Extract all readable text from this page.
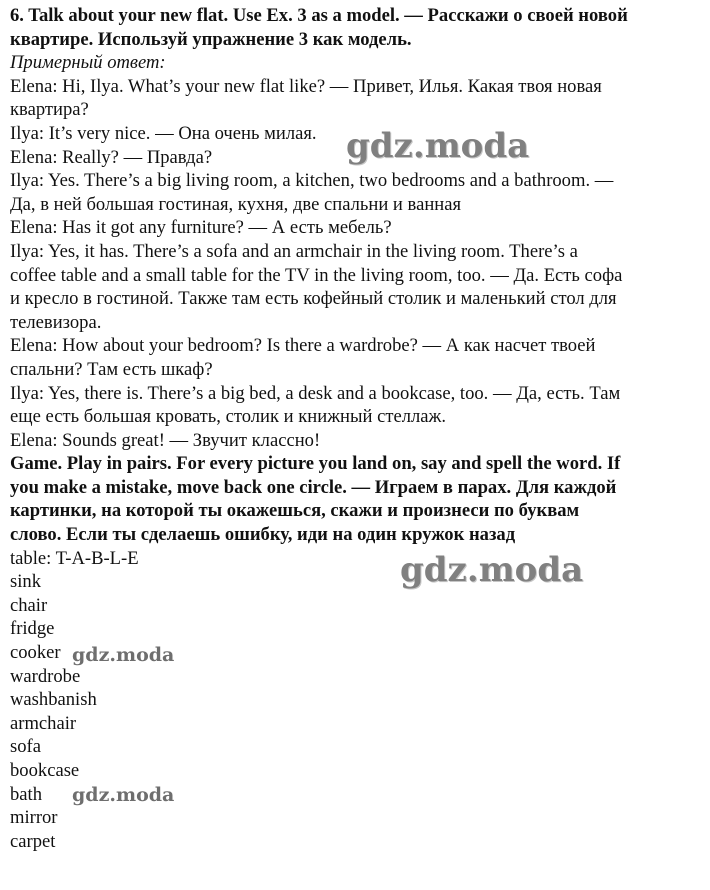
6. Talk about your new flat. Use Ex. 3 as a model. — Расскажи о своей новой
квартире. Используй упражнение 3 как модель.
Примерный ответ:
Elena: Hi, Ilya. What’s your new flat like? — Привет, Илья. Какая твоя новая
квартира?
Ilya: It’s very nice. — Она очень милая.
Elena: Really? — Правда?
Ilya: Yes. There’s a big living room, a kitchen, two bedrooms and a bathroom. —
Да, в ней большая гостиная, кухня, две спальни и ванная
Elena: Has it got any furniture? — А есть мебель?
Ilya: Yes, it has. There’s a sofa and an armchair in the living room. There’s a
coffee table and a small table for the TV in the living room, too. — Да. Есть софа
и кресло в гостиной. Также там есть кофейный столик и маленький стол для
телевизора.
Elena: How about your bedroom? Is there a wardrobe? — А как насчет твоей
спальни? Там есть шкаф?
Ilya: Yes, there is. There’s a big bed, a desk and a bookcase, too. — Да, есть. Там
еще есть большая кровать, столик и книжный стеллаж.
Elena: Sounds great! — Звучит классно!
Game. Play in pairs. For every picture you land on, say and spell the word. If
you make a mistake, move back one circle. — Играем в парах. Для каждой
картинки, на которой ты окажешься, скажи и произнеси по буквам
слово. Если ты сделаешь ошибку, иди на один кружок назад
table: T-A-B-L-E
sink
chair
fridge
cooker
wardrobe
washbanish
armchair
sofa
bookcase
bath
mirror
carpet
gdz.moda
gdz.moda
gdz.moda
gdz.moda
